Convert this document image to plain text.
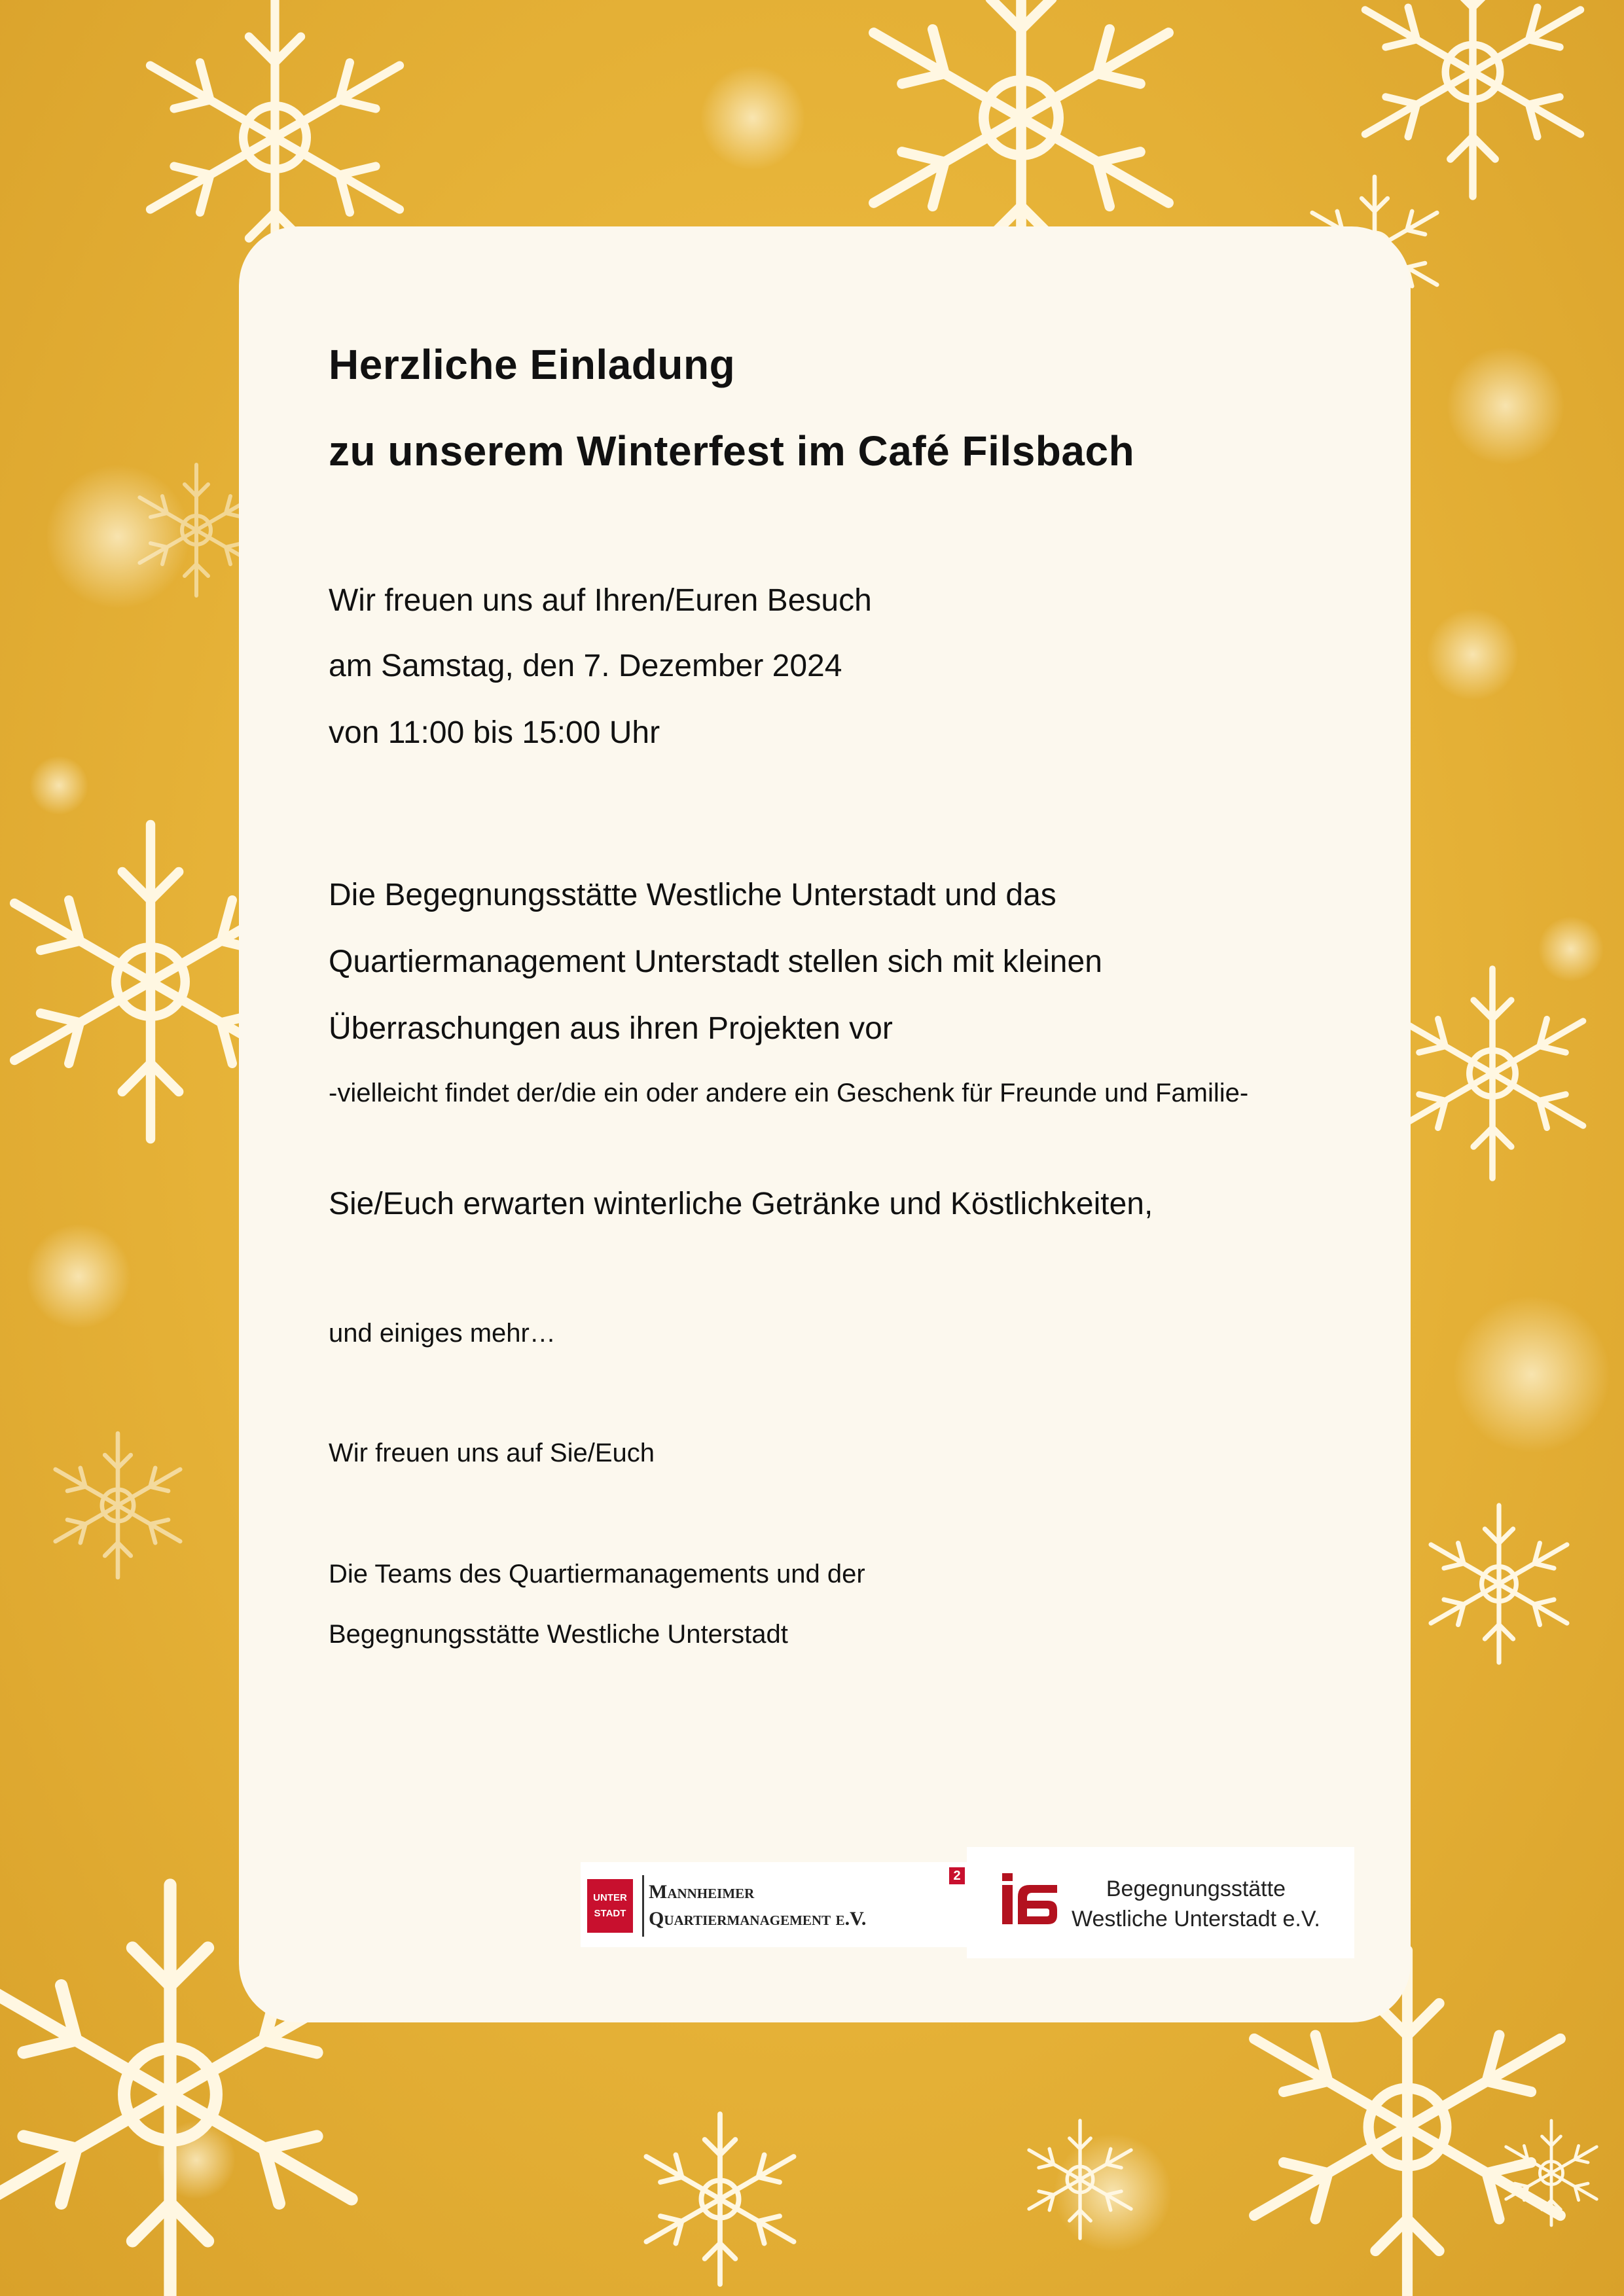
Herzliche Einladung
zu unserem Winterfest im Café Filsbach
Wir freuen uns auf Ihren/Euren Besuch
am Samstag, den 7. Dezember 2024
von 11:00 bis 15:00 Uhr
Die Begegnungsstätte Westliche Unterstadt und das
Quartiermanagement Unterstadt stellen sich mit kleinen
Überraschungen aus ihren Projekten vor
-vielleicht findet der/die ein oder andere ein Geschenk für Freunde und Familie-
Sie/Euch erwarten winterliche Getränke und Köstlichkeiten,
und einiges mehr…
Wir freuen uns auf Sie/Euch
Die Teams des Quartiermanagements und der
Begegnungsstätte Westliche Unterstadt
UNTER
STADT
Mannheimer
Quartiermanagement e.V.
2
Begegnungsstätte
Westliche Unterstadt e.V.
